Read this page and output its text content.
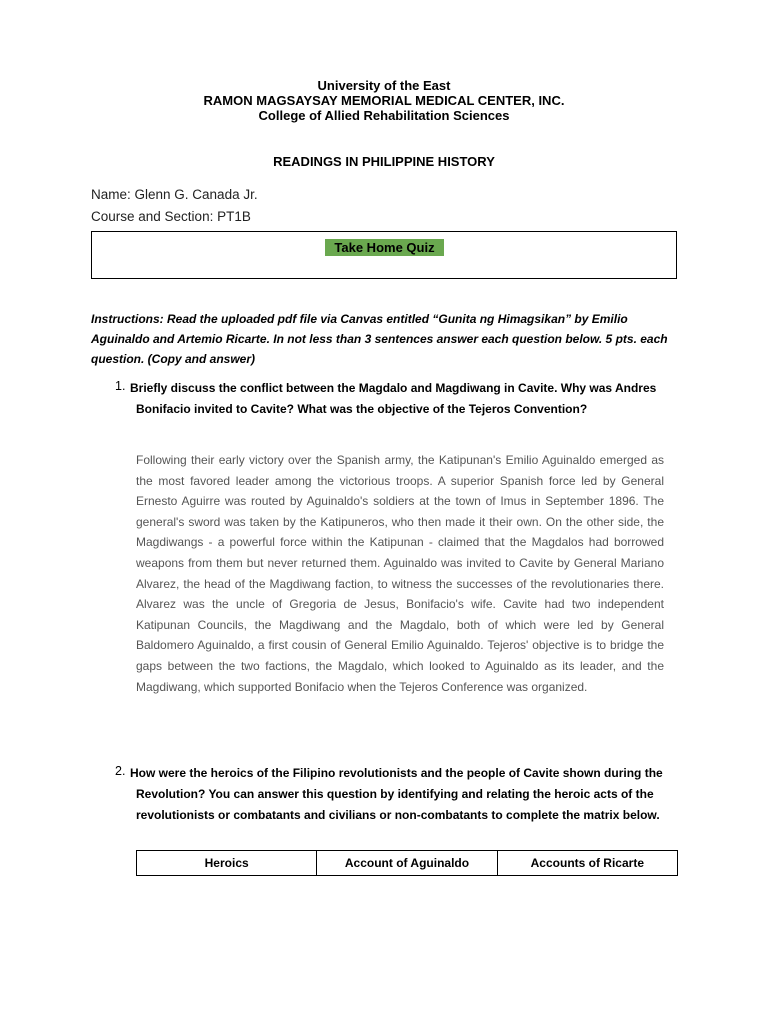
University of the East
RAMON MAGSAYSAY MEMORIAL MEDICAL CENTER, INC.
College of Allied Rehabilitation Sciences
READINGS IN PHILIPPINE HISTORY
Name: Glenn G. Canada Jr.
Course and Section: PT1B
Take Home Quiz
Instructions: Read the uploaded pdf file via Canvas entitled “Gunita ng Himagsikan” by Emilio Aguinaldo and Artemio Ricarte. In not less than 3 sentences answer each question below. 5 pts. each question. (Copy and answer)
1. Briefly discuss the conflict between the Magdalo and Magdiwang in Cavite. Why was Andres Bonifacio invited to Cavite? What was the objective of the Tejeros Convention?
Following their early victory over the Spanish army, the Katipunan's Emilio Aguinaldo emerged as the most favored leader among the victorious troops. A superior Spanish force led by General Ernesto Aguirre was routed by Aguinaldo's soldiers at the town of Imus in September 1896. The general's sword was taken by the Katipuneros, who then made it their own. On the other side, the Magdiwangs - a powerful force within the Katipunan - claimed that the Magdalos had borrowed weapons from them but never returned them. Aguinaldo was invited to Cavite by General Mariano Alvarez, the head of the Magdiwang faction, to witness the successes of the revolutionaries there. Alvarez was the uncle of Gregoria de Jesus, Bonifacio's wife. Cavite had two independent Katipunan Councils, the Magdiwang and the Magdalo, both of which were led by General Baldomero Aguinaldo, a first cousin of General Emilio Aguinaldo. Tejeros' objective is to bridge the gaps between the two factions, the Magdalo, which looked to Aguinaldo as its leader, and the Magdiwang, which supported Bonifacio when the Tejeros Conference was organized.
2. How were the heroics of the Filipino revolutionists and the people of Cavite shown during the Revolution? You can answer this question by identifying and relating the heroic acts of the revolutionists or combatants and civilians or non-combatants to complete the matrix below.
Heroics	Account of Aguinaldo	Accounts of Ricarte
